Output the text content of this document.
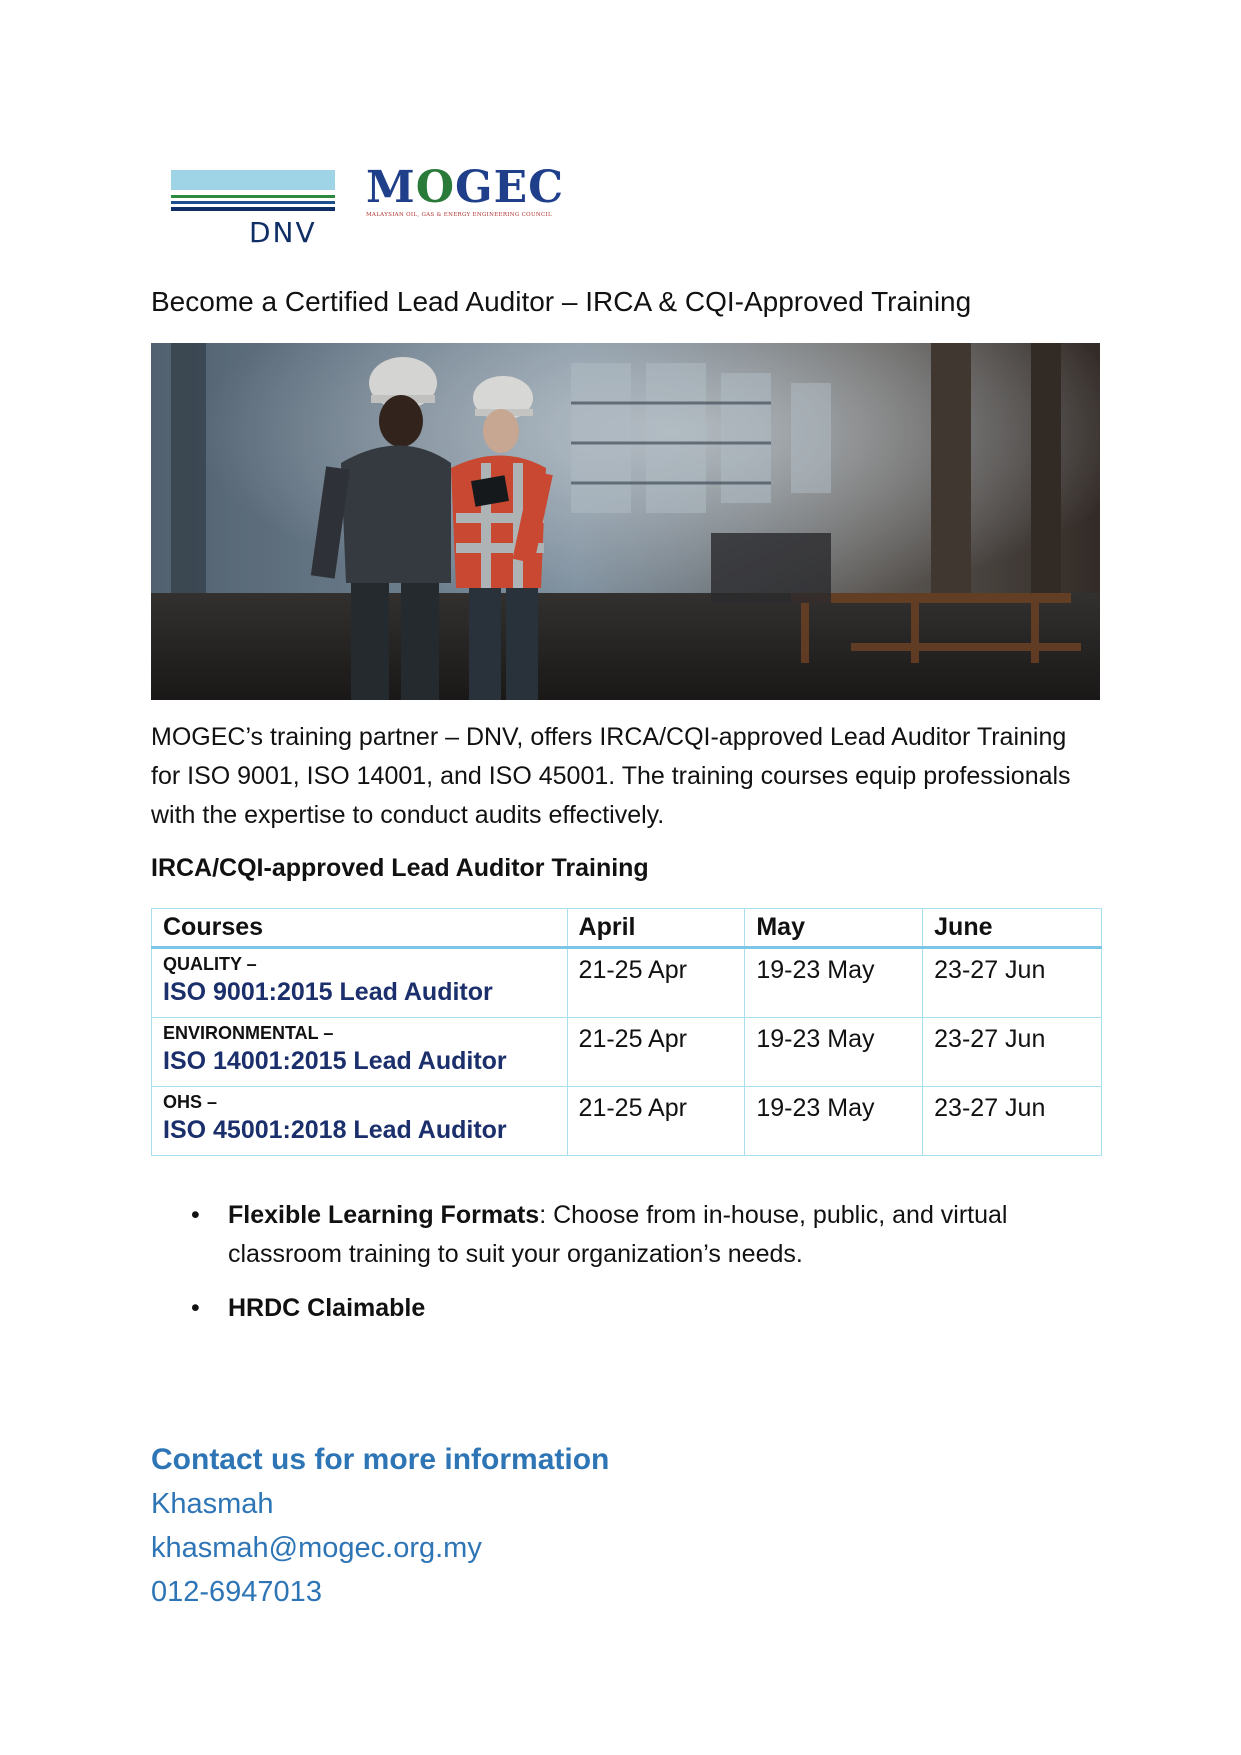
DNV
MOGEC
MALAYSIAN OIL, GAS & ENERGY ENGINEERING COUNCIL
Become a Certified Lead Auditor – IRCA & CQI-Approved Training
MOGEC’s training partner – DNV, offers IRCA/CQI-approved Lead Auditor Training for ISO 9001, ISO 14001, and ISO 45001. The training courses equip professionals with the expertise to conduct audits effectively.
IRCA/CQI-approved Lead Auditor Training
Courses	April	May	June

QUALITY –
ISO 9001:2015 Lead Auditor	21-25 Apr	19-23 May	23-27 Jun

ENVIRONMENTAL –
ISO 14001:2015 Lead Auditor	21-25 Apr	19-23 May	23-27 Jun

OHS –
ISO 45001:2018 Lead Auditor	21-25 Apr	19-23 May	23-27 Jun
• Flexible Learning Formats: Choose from in-house, public, and virtual classroom training to suit your organization’s needs.
• HRDC Claimable
Contact us for more information
Khasmah
khasmah@mogec.org.my
012-6947013
